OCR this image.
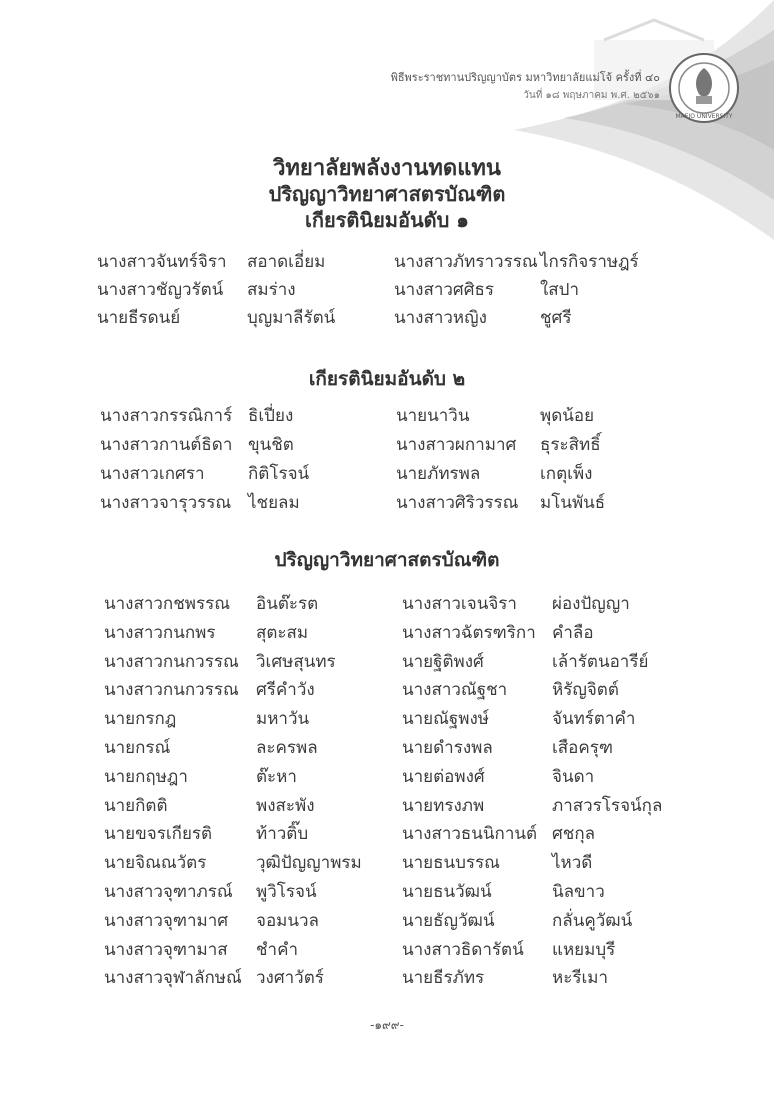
พิธีพระราชทานปริญญาบัตร มหาวิทยาลัยแม่โจ้ ครั้งที่ ๔๐
วันที่ ๑๘ พฤษภาคม พ.ศ. ๒๕๖๑
MAEJO UNIVERSITY
วิทยาลัยพลังงานทดแทน
ปริญญาวิทยาศาสตรบัณฑิต
เกียรตินิยมอันดับ ๑
นางสาวจันทร์จิรา สอาดเอี่ยม	นางสาวภัทราวรรณ ไกรกิจราษฎร์
นางสาวชัญวรัตน์ สมร่าง	นางสาวศศิธร	ใสปา
นายธีรดนย์	บุญมาลีรัตน์	นางสาวหญิง	ชูศรี
เกียรตินิยมอันดับ ๒
นางสาวกรรณิการ์ ธิเปี่ยง	นายนาวิน	พุดน้อย
นางสาวกานต์ธิดา ขุนชิต	นางสาวผกามาศ ธุระสิทธิ์
นางสาวเกศรา	กิติโรจน์	นายภัทรพล	เกตุเพ็ง
นางสาวจารุวรรณ ไชยลม	นางสาวศิริวรรณ มโนพันธ์
ปริญญาวิทยาศาสตรบัณฑิต
นางสาวกชพรรณ อินต๊ะรต	นางสาวเจนจิรา ผ่องปัญญา
นางสาวกนกพร สุตะสม	นางสาวฉัตรฑริกา คำลือ
นางสาวกนกวรรณ วิเศษสุนทร	นายฐิติพงศ์	เล้ารัตนอารีย์
นางสาวกนกวรรณ ศรีคำวัง	นางสาวณัฐชา	หิรัญจิตต์
นายกรกฎ	มหาวัน	นายณัฐพงษ์	จันทร์ตาคำ
นายกรณ์	ละครพล	นายดำรงพล	เสือครุฑ
นายกฤษฎา	ต๊ะหา	นายต่อพงศ์	จินดา
นายกิตติ	พงสะพัง	นายทรงภพ	ภาสวรโรจน์กุล
นายขจรเกียรติ	ท้าวติ๊บ	นางสาวธนนิกานต์ ศชกุล
นายจิณณวัตร	วุฒิปัญญาพรม นายธนบรรณ	ไหวดี
นางสาวจุฑาภรณ์ พูวิโรจน์	นายธนวัฒน์	นิลขาว
นางสาวจุฑามาศ จอมนวล	นายธัญวัฒน์	กลั่นคูวัฒน์
นางสาวจุฑามาส ชำคำ	นางสาวธิดารัตน์ แหยมบุรี
นางสาวจุฬาลักษณ์ วงศาวัตร์	นายธีรภัทร	หะรีเมา
-๑๙๙-
